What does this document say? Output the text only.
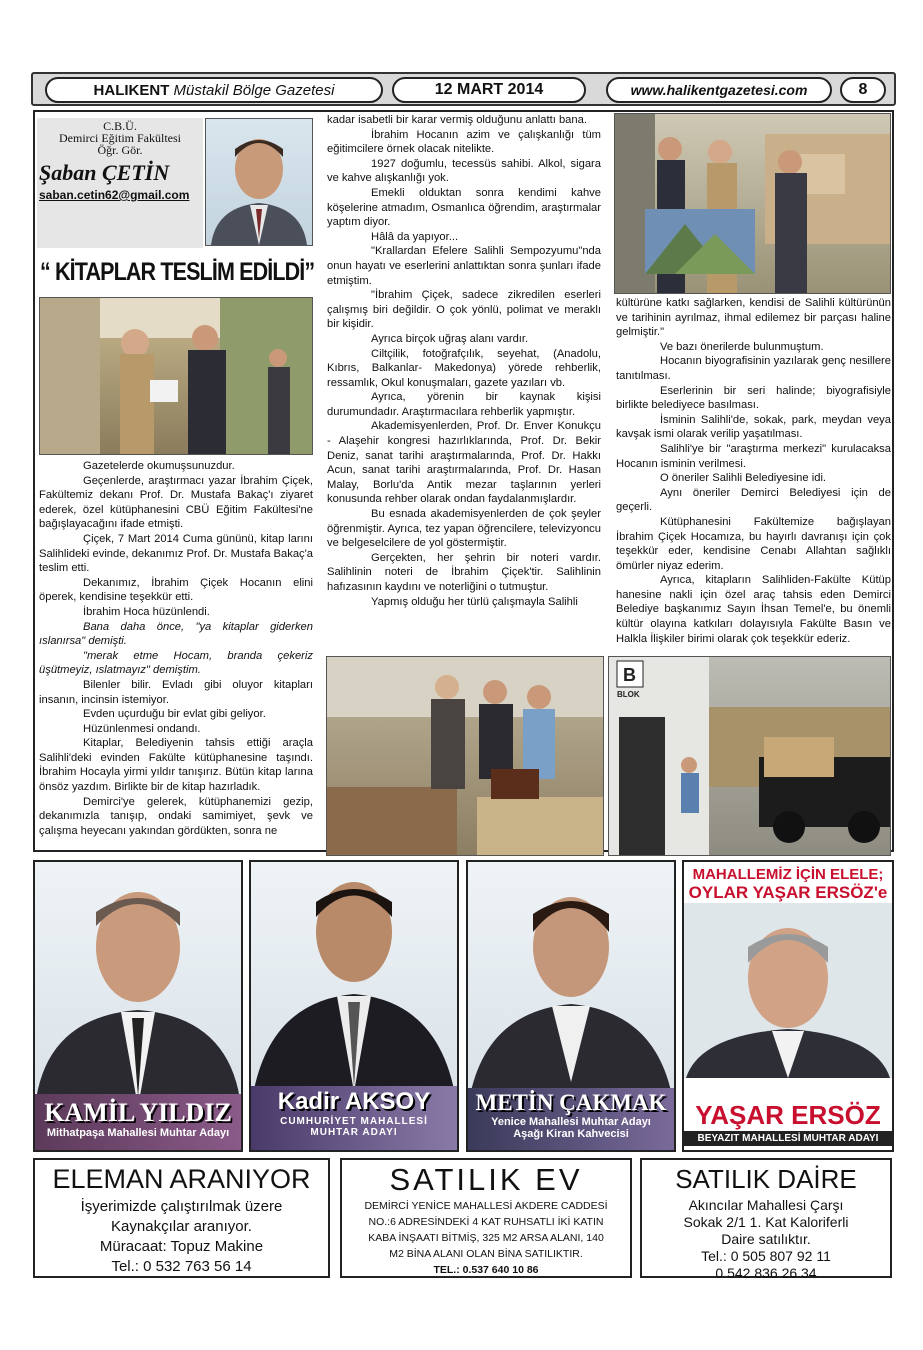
HALIKENT
Müstakil Bölge Gazetesi	12 MART 2014	www.halikentgazetesi.com	8
C.B.Ü.
Demirci Eğitim Fakültesi
Öğr. Gör.
Şaban ÇETİN
saban.cetin62@gmail.com
“ KİTAPLAR TESLİM EDİLDİ”

Gazetelerde okumuşsunuzdur.

Geçenlerde, araştırmacı yazar İbrahim Çiçek, Fakültemiz dekanı Prof. Dr. Mustafa Bakaç'ı ziyaret ederek, özel kütüphanesini CBÜ Eğitim Fakültesi'ne bağışlayacağını ifade etmişti.

Çiçek, 7 Mart 2014 Cuma gününü, kitap larını Salihlideki evinde, dekanımız Prof. Dr. Mustafa Bakaç'a teslim etti.

Dekanımız, İbrahim Çiçek Hocanın elini öperek, kendisine teşekkür etti.

İbrahim Hoca hüzünlendi.

Bana daha önce, "ya kitaplar giderken ıslanırsa" demişti.

"merak etme Hocam, branda çekeriz üşütmeyiz, ıslatmayız" demiştim.

Bilenler bilir. Evladı gibi oluyor kitapları insanın, incinsin istemiyor.

Evden uçurduğu bir evlat gibi geliyor.

Hüzünlenmesi ondandı.

Kitaplar, Belediyenin tahsis ettiği araçla Salihli'deki evinden Fakülte kütüphanesine taşındı. İbrahim Hocayla yirmi yıldır tanışırız. Bütün kitap larına önsöz yazdım. Birlikte bir de kitap hazırladık.

Demirci'ye gelerek, kütüphanemizi gezip, dekanımızla tanışıp, ondaki samimiyet, şevk ve çalışma heyecanı yakından gördükten, sonra ne

kadar isabetli bir karar vermiş olduğunu anlattı bana.

İbrahim Hocanın azim ve çalışkanlığı tüm eğitimcilere örnek olacak nitelikte.

1927 doğumlu, tecessüs sahibi. Alkol, sigara ve kahve alışkanlığı yok.

Emekli olduktan sonra kendimi kahve köşelerine atmadım, Osmanlıca öğrendim, araştırmalar yaptım diyor.

Hâlâ da yapıyor...

"Krallardan Efelere Salihli Sempozyumu"nda onun hayatı ve eserlerini anlattıktan sonra şunları ifade etmiştim.

"İbrahim Çiçek, sadece zikredilen eserleri çalışmış biri değildir. O çok yönlü, polimat ve meraklı bir kişidir.

Ayrıca birçok uğraş alanı vardır.

Ciltçilik, fotoğrafçılık, seyehat, (Anadolu, Kıbrıs, Balkanlar- Makedonya) yörede rehberlik, ressamlık, Okul konuşmaları, gazete yazıları vb.

Ayrıca, yörenin bir kaynak kişisi durumundadır. Araştırmacılara rehberlik yapmıştır.

Akademisyenlerden, Prof. Dr. Enver Konukçu - Alaşehir kongresi hazırlıklarında, Prof. Dr. Bekir Deniz, sanat tarihi araştırmalarında, Prof. Dr. Hakkı Acun, sanat tarihi araştırmalarında, Prof. Dr. Hasan Malay, Borlu'da Antik mezar taşlarının yerleri konusunda rehber olarak ondan faydalanmışlardır.

Bu esnada akademisyenlerden de çok şeyler öğrenmiştir. Ayrıca, tez yapan öğrencilere, televizyoncu ve belgeselcilere de yol göstermiştir.

Gerçekten, her şehrin bir noteri vardır. Salihlinin noteri de İbrahim Çiçek'tir. Salihlinin hafızasının kaydını ve noterliğini o tutmuştur.

Yapmış olduğu her türlü çalışmayla Salihli

kültürüne katkı sağlarken, kendisi de Salihli kültürünün ve tarihinin ayrılmaz, ihmal edilemez bir parçası haline gelmiştir."

Ve bazı önerilerde bulunmuştum.

Hocanın biyografisinin yazılarak genç nesillere tanıtılması.

Eserlerinin bir seri halinde; biyografisiyle birlikte belediyece basılması.

İsminin Salihli'de, sokak, park, meydan veya kavşak ismi olarak verilip yaşatılması.

Salihli'ye bir "araştırma merkezi" kurulacaksa Hocanın isminin verilmesi.

O öneriler Salihli Belediyesine idi.

Aynı öneriler Demirci Belediyesi için de geçerli.

Kütüphanesini Fakültemize bağışlayan İbrahim Çiçek Hocamıza, bu hayırlı davranışı için çok teşekkür eder, kendisine Cenabı Allahtan sağlıklı ömürler niyaz ederim.

Ayrıca, kitapların Salihliden-Fakülte Kütüp hanesine nakli için özel araç tahsis eden Demirci Belediye başkanımız Sayın İhsan Temel'e, bu önemli kültür olayına katkıları dolayısıyla Fakülte Basın ve Halkla İlişkiler birimi olarak çok teşekkür ederiz.

B
BLOK
KAMİL YILDIZ
Mithatpaşa Mahallesi Muhtar Adayı
Kadir AKSOY
CUMHURİYET MAHALLESİ
MUHTAR ADAYI
METİN ÇAKMAK
Yenice Mahallesi Muhtar Adayı
Aşağı Kiran Kahvecisi
MAHALLEMİZ İÇİN ELELE;
OYLAR YAŞAR ERSÖZ'e
YAŞAR ERSÖZ
BEYAZIT MAHALLESİ MUHTAR ADAYI
ELEMAN ARANIYOR
İşyerimizde çalıştırılmak üzere
Kaynakçılar aranıyor.
Müracaat: Topuz Makine
Tel.: 0 532 763 56 14
SATILIK EV
DEMİRCİ YENİCE MAHALLESİ AKDERE CADDESİ
NO.:6 ADRESİNDEKİ 4 KAT RUHSATLI İKİ KATIN
KABA İNŞAATI BİTMİŞ, 325 M2 ARSA ALANI, 140
M2 BİNA ALANI OLAN BİNA SATILIKTIR.
TEL.: 0.537 640 10 86
SATILIK DAİRE
Akıncılar Mahallesi Çarşı
Sokak 2/1 1. Kat Kaloriferli
Daire satılıktır.
Tel.: 0 505 807 92 11
0 542 836 26 34
